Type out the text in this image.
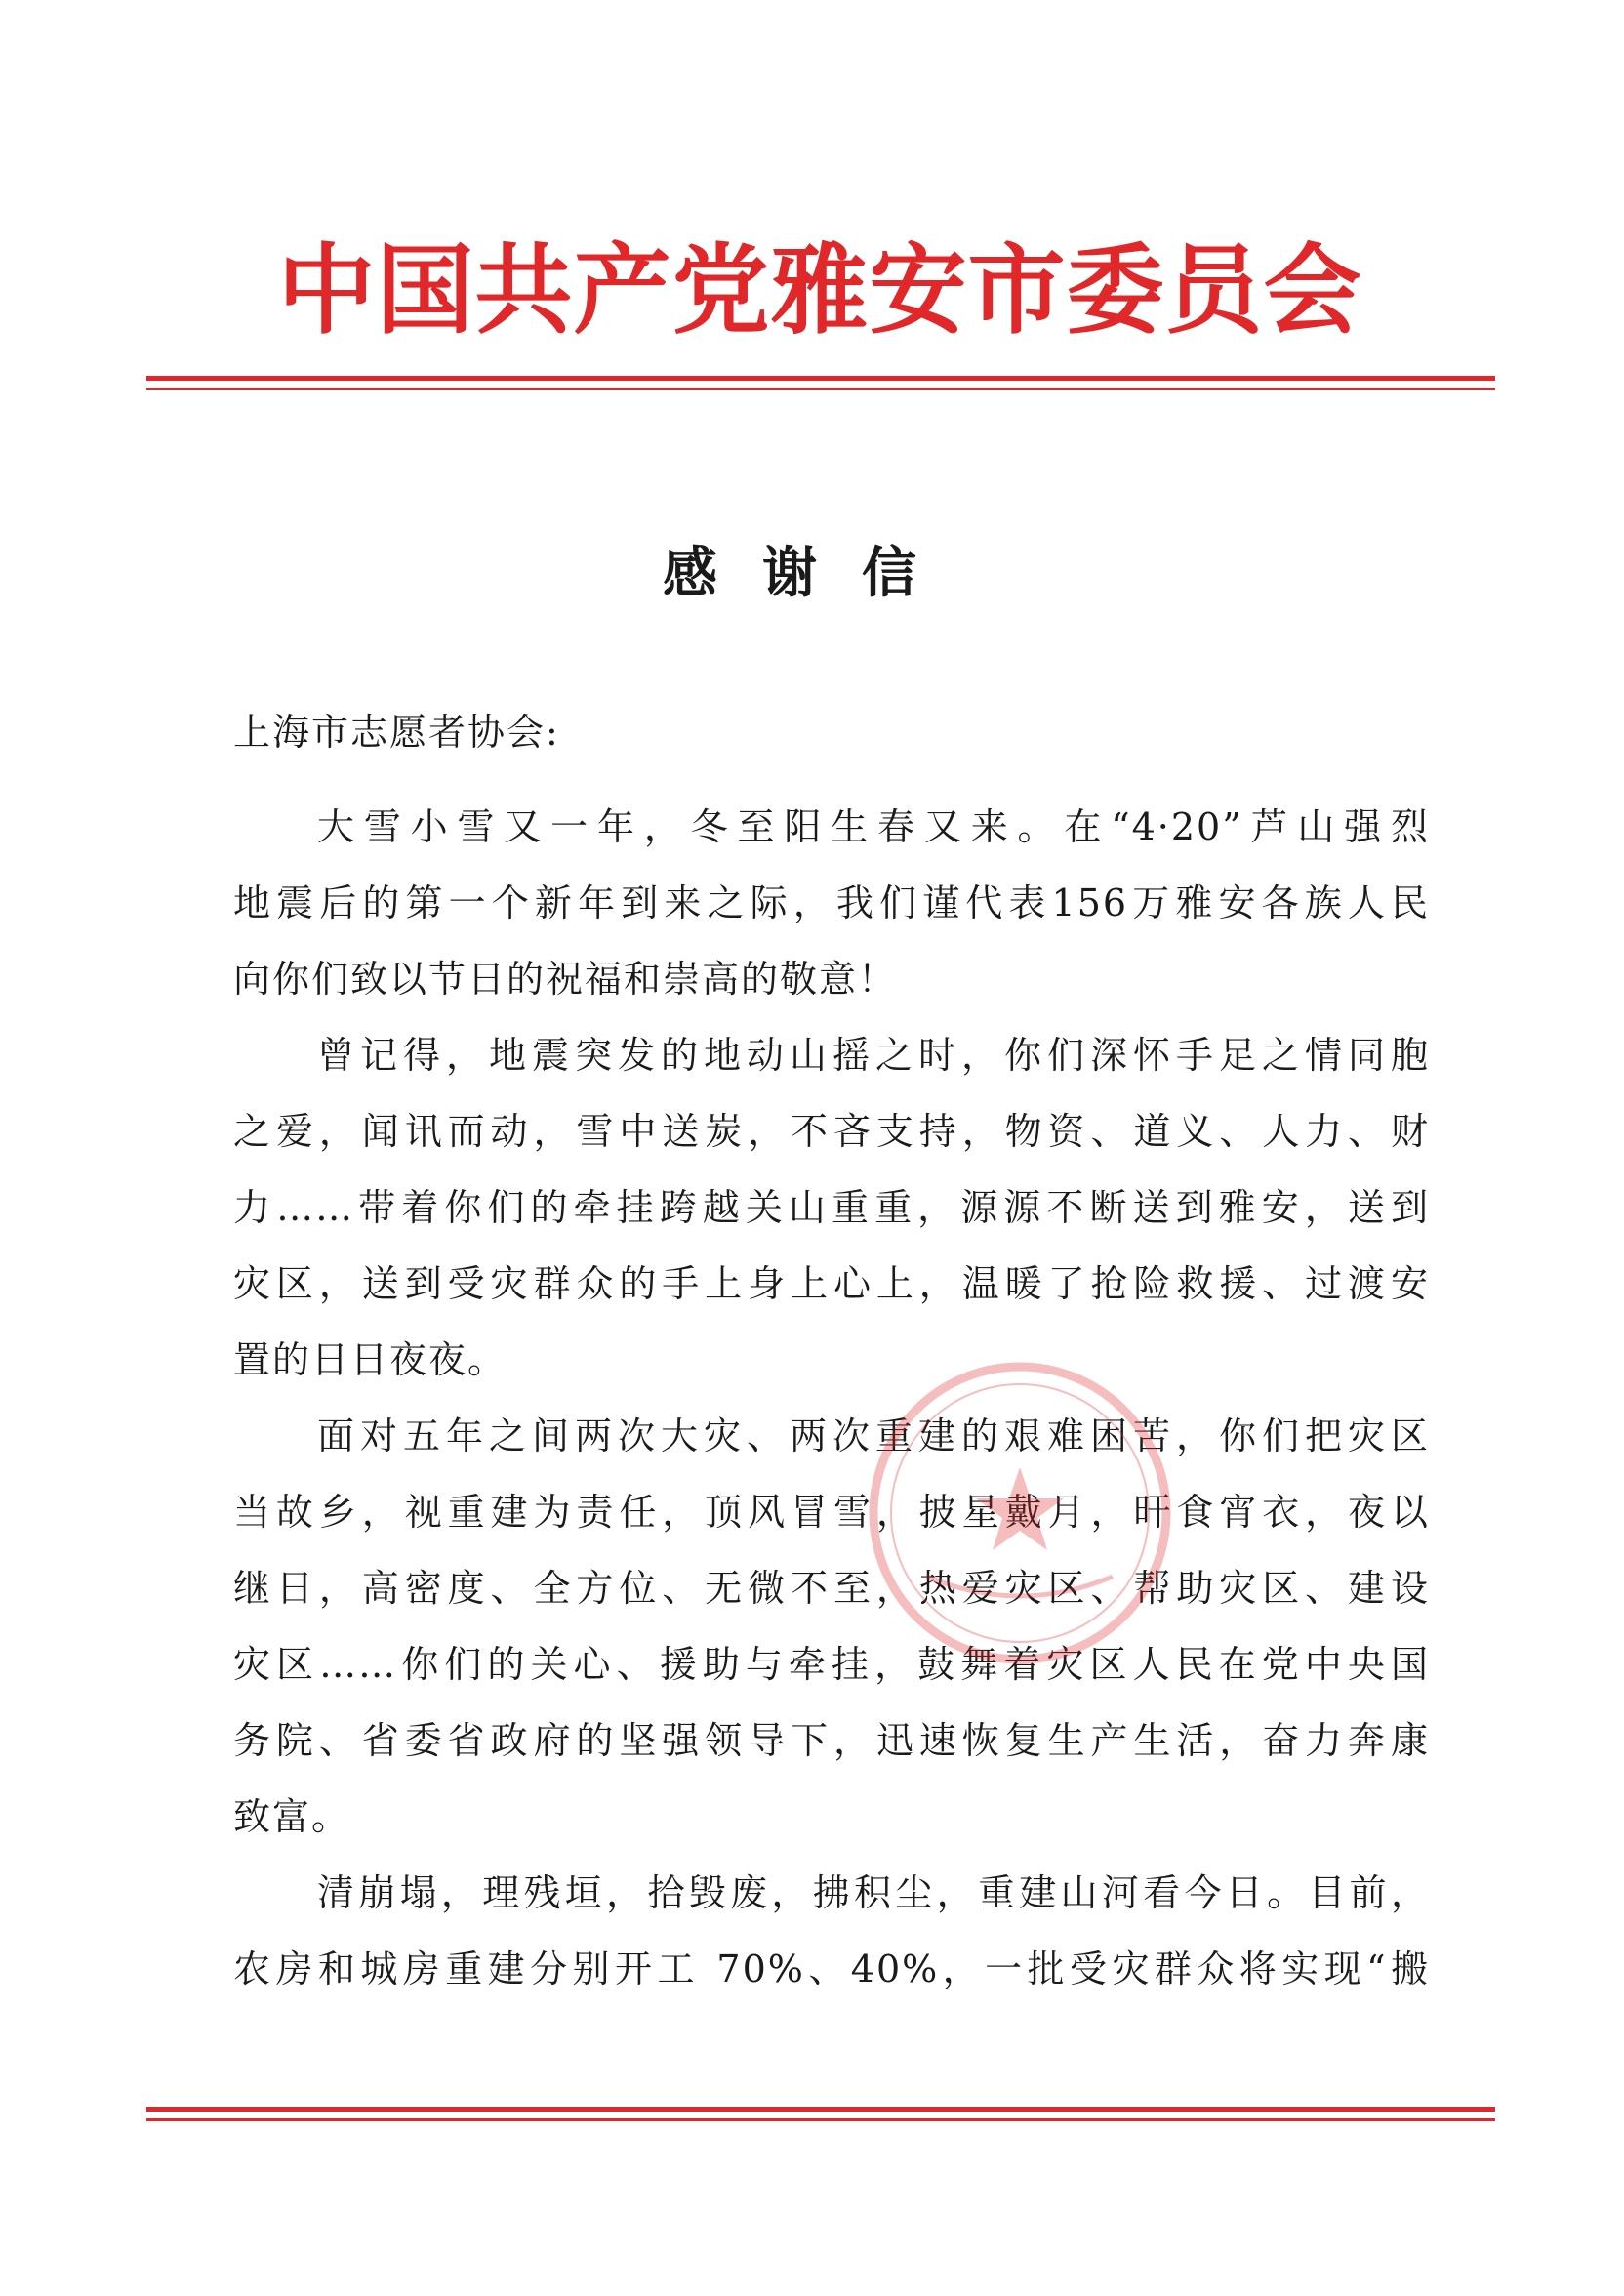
中国共产党雅安市委员会
感谢信
上海市志愿者协会:
大雪小雪又一年，冬至阳生春又来。在“4·20”芦山强烈
地震后的第一个新年到来之际，我们谨代表156万雅安各族人民
向你们致以节日的祝福和崇高的敬意！
曾记得，地震突发的地动山摇之时，你们深怀手足之情同胞
之爱，闻讯而动，雪中送炭，不吝支持，物资、道义、人力、财
力……带着你们的牵挂跨越关山重重，源源不断送到雅安，送到
灾区，送到受灾群众的手上身上心上，温暖了抢险救援、过渡安
置的日日夜夜。
面对五年之间两次大灾、两次重建的艰难困苦，你们把灾区
当故乡，视重建为责任，顶风冒雪，披星戴月，旰食宵衣，夜以
继日，高密度、全方位、无微不至，热爱灾区、帮助灾区、建设
灾区……你们的关心、援助与牵挂，鼓舞着灾区人民在党中央国
务院、省委省政府的坚强领导下，迅速恢复生产生活，奋力奔康
致富。
清崩塌，理残垣，拾毁废，拂积尘，重建山河看今日。目前，
农房和城房重建分别开工 70%、40%，一批受灾群众将实现“搬
